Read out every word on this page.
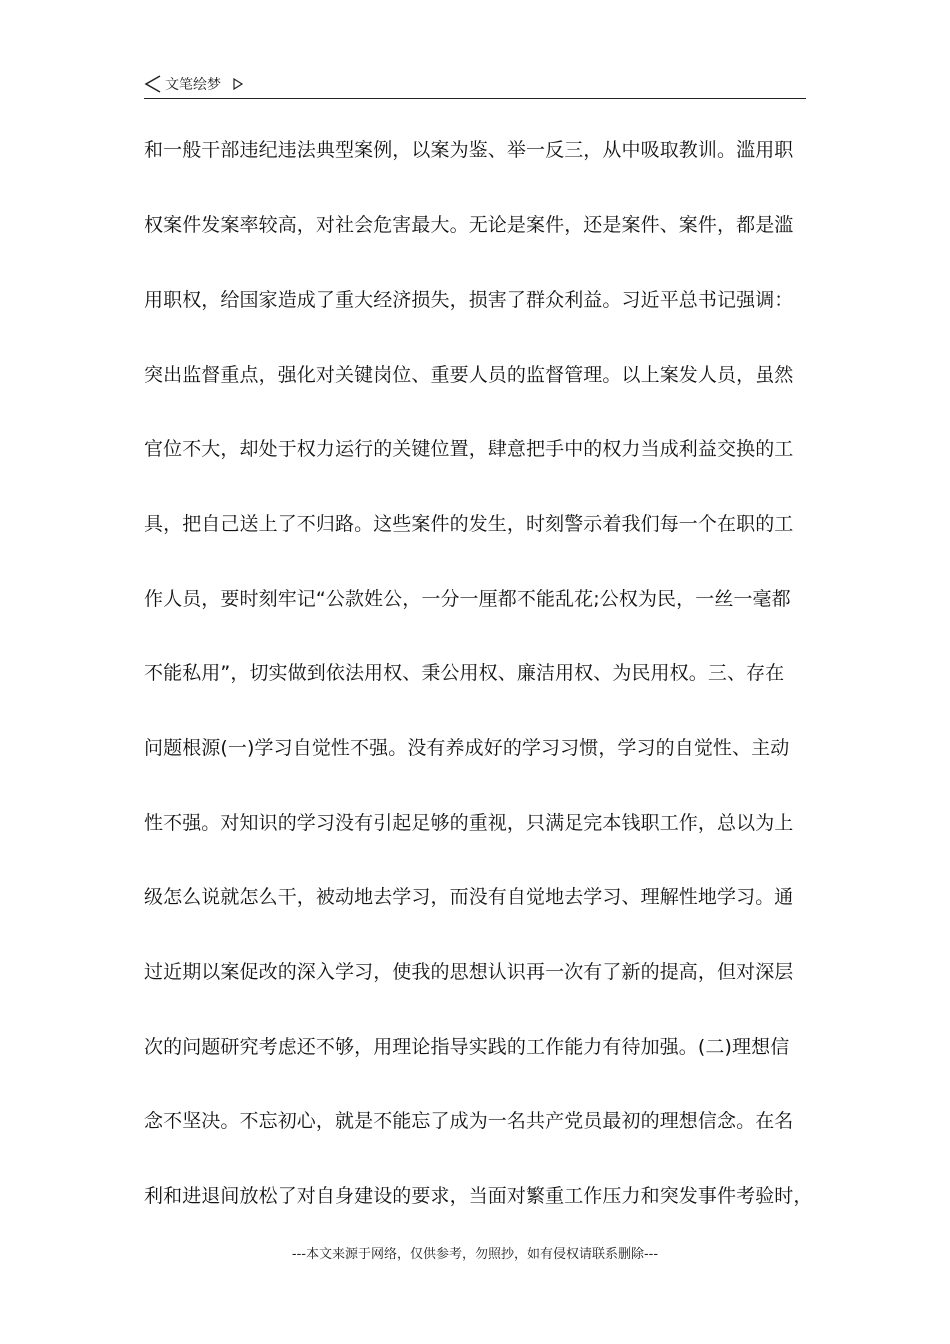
文笔绘梦
和一般干部违纪违法典型案例，以案为鉴、举一反三，从中吸取教训。滥用职
权案件发案率较高，对社会危害最大。无论是案件，还是案件、案件，都是滥
用职权，给国家造成了重大经济损失，损害了群众利益。习近平总书记强调：
突出监督重点，强化对关键岗位、重要人员的监督管理。以上案发人员，虽然
官位不大，却处于权力运行的关键位置，肆意把手中的权力当成利益交换的工
具，把自己送上了不归路。这些案件的发生，时刻警示着我们每一个在职的工
作人员，要时刻牢记“公款姓公，一分一厘都不能乱花;公权为民，一丝一毫都
不能私用”，切实做到依法用权、秉公用权、廉洁用权、为民用权。三、存在
问题根源(一)学习自觉性不强。没有养成好的学习习惯，学习的自觉性、主动
性不强。对知识的学习没有引起足够的重视，只满足完本钱职工作，总以为上
级怎么说就怎么干，被动地去学习，而没有自觉地去学习、理解性地学习。通
过近期以案促改的深入学习，使我的思想认识再一次有了新的提高，但对深层
次的问题研究考虑还不够，用理论指导实践的工作能力有待加强。(二)理想信
念不坚决。不忘初心，就是不能忘了成为一名共产党员最初的理想信念。在名
利和进退间放松了对自身建设的要求，当面对繁重工作压力和突发事件考验时，
---本文来源于网络，仅供参考，勿照抄，如有侵权请联系删除---
